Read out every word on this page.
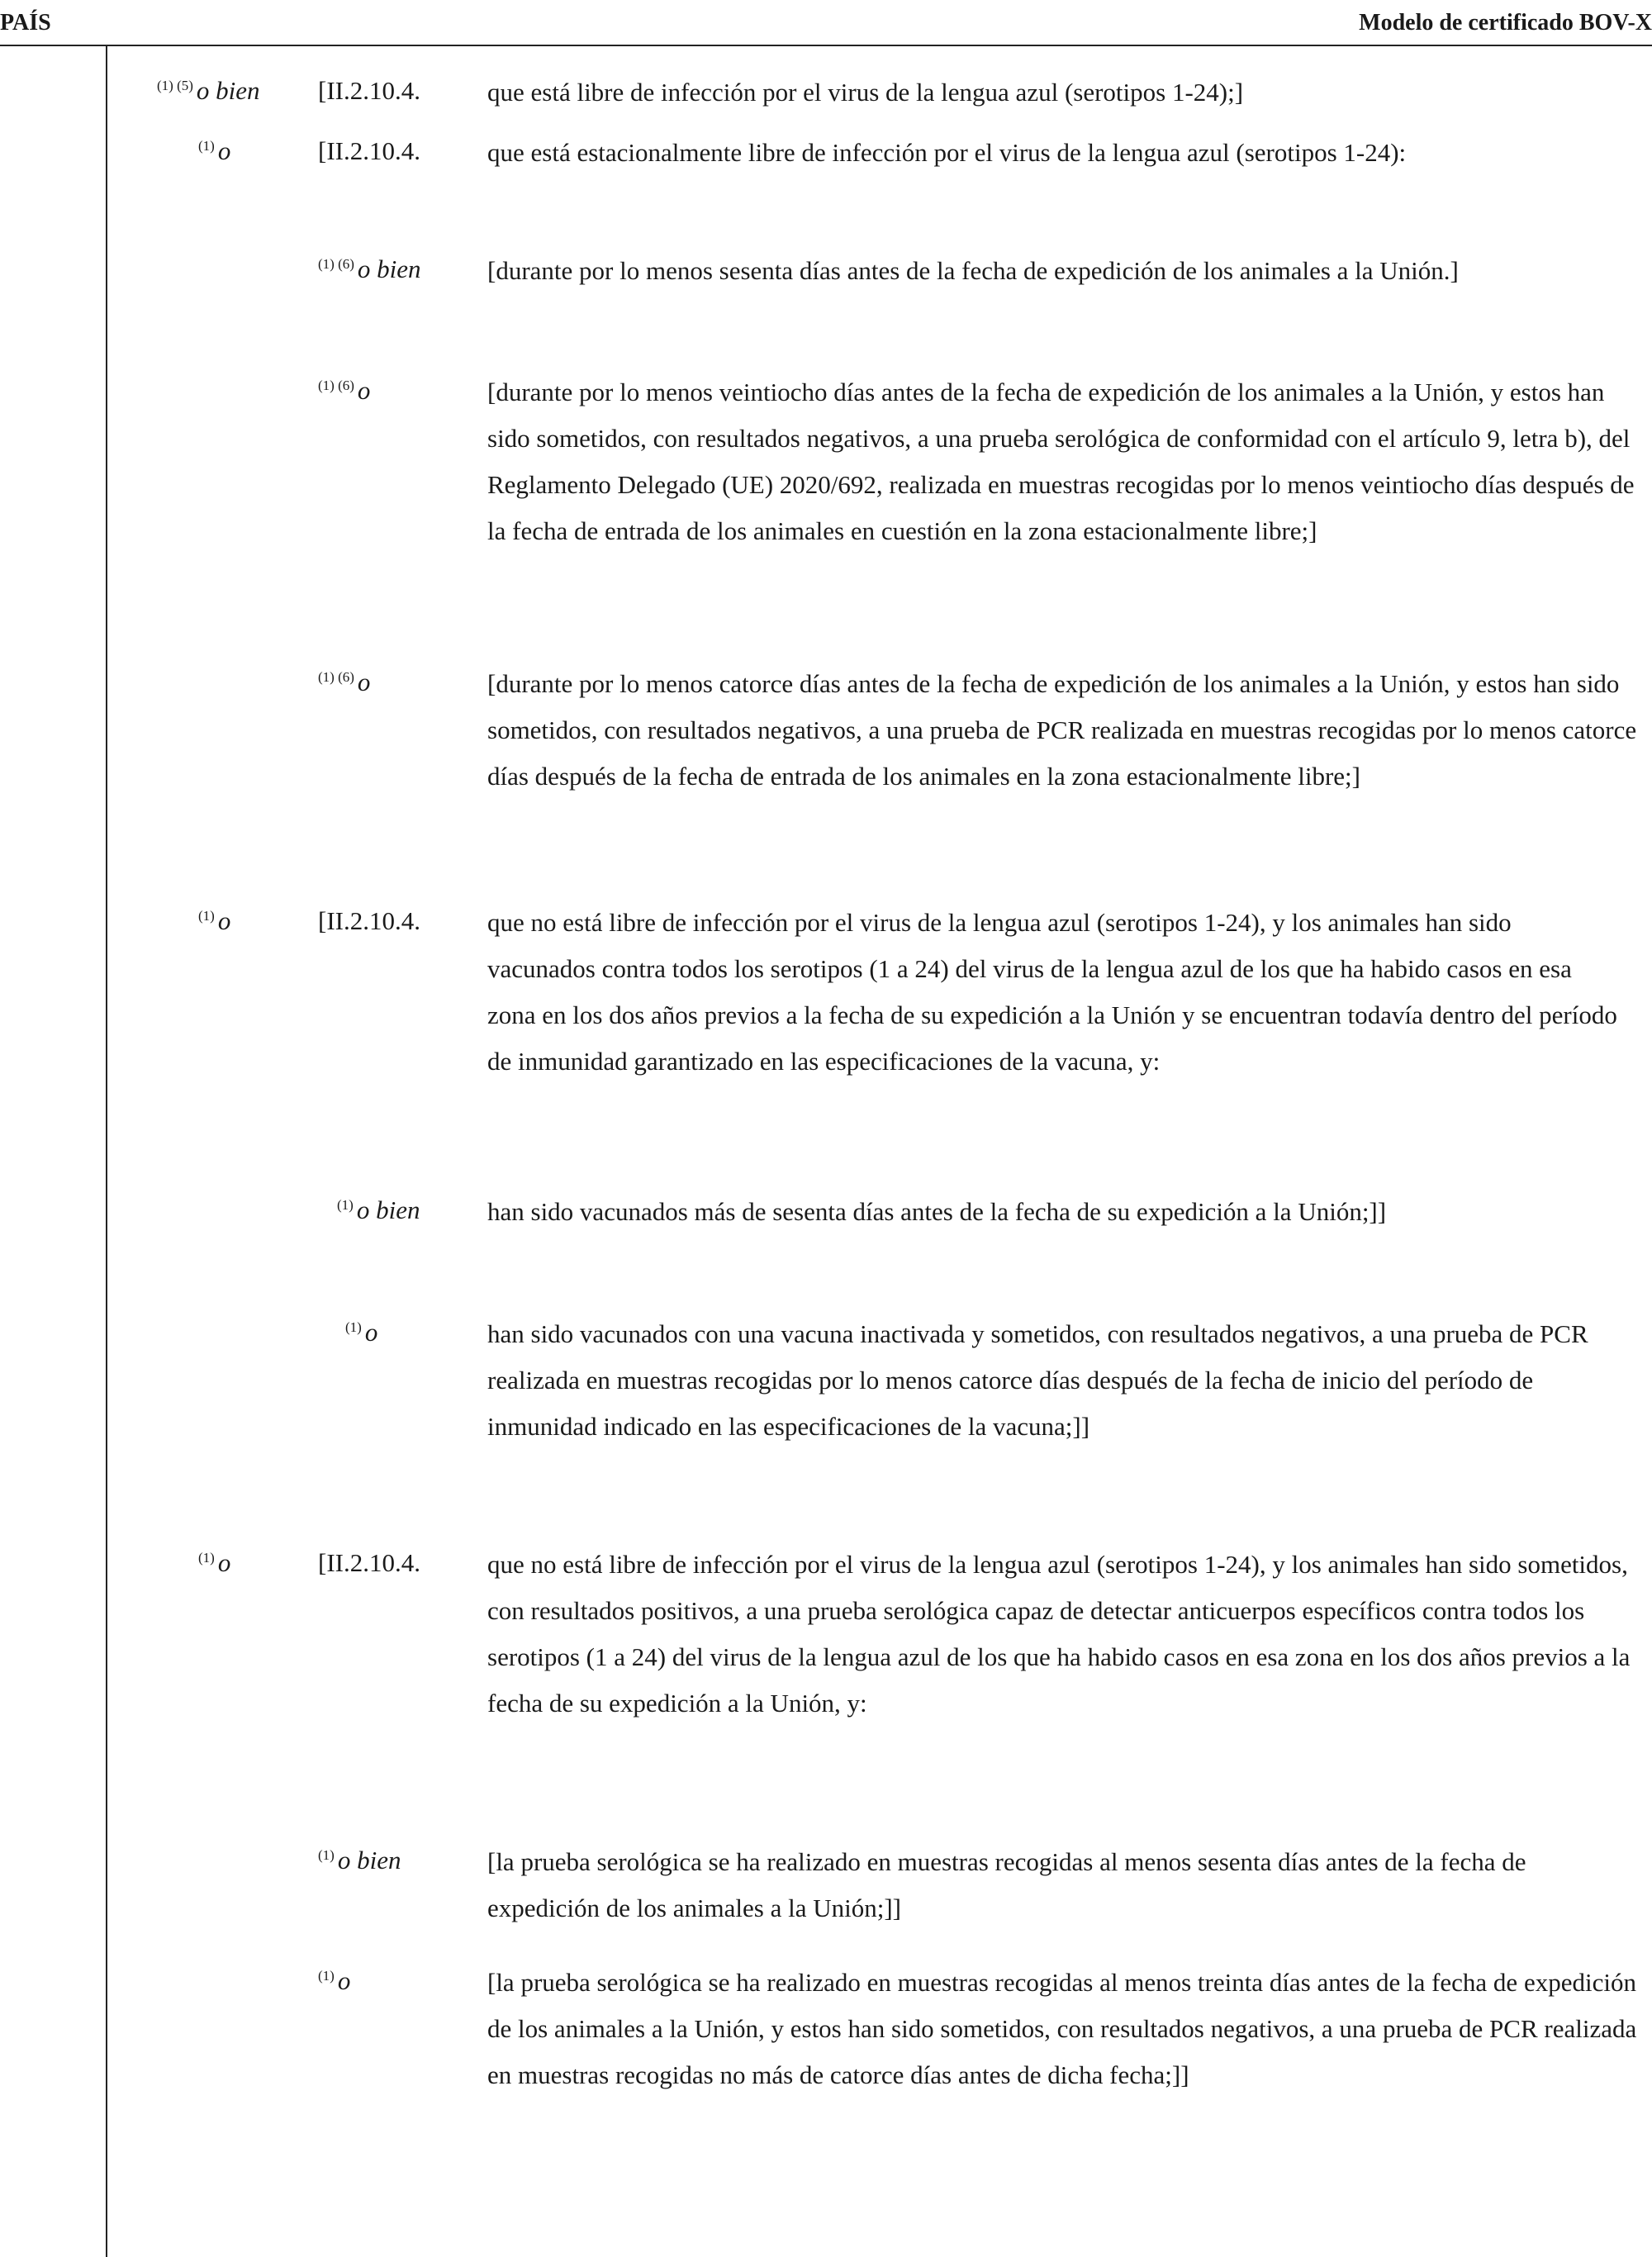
PAÍS	Modelo de certificado BOV-X
$^{(1) (5)}$ o bien [II.2.10.4.	que está libre de infección por el virus de la lengua azul (serotipos 1-24);]
$^{(1)}$ o	[II.2.10.4.	que está estacionalmente libre de infección por el virus de la lengua azul (serotipos 1-24):
$^{(1) (6)}$ o bien	[durante por lo menos sesenta días antes de la fecha de expedición de los animales a la Unión.]
$^{(1) (6)}$ o	[durante por lo menos veintiocho días antes de la fecha de expedición de los animales a la Unión, y estos han sido sometidos, con resultados negativos, a una prueba serológica de conformidad con el artículo 9, letra b), del Reglamento Delegado (UE) 2020/692, realizada en muestras recogidas por lo menos veintiocho días después de la fecha de entrada de los animales en cuestión en la zona estacionalmente libre;]
$^{(1) (6)}$ o	[durante por lo menos catorce días antes de la fecha de expedición de los animales a la Unión, y estos han sido sometidos, con resultados negativos, a una prueba de PCR realizada en muestras recogidas por lo menos catorce días después de la fecha de entrada de los animales en la zona estacionalmente libre;]
$^{(1)}$ o	[II.2.10.4.	que no está libre de infección por el virus de la lengua azul (serotipos 1-24), y los animales han sido vacunados contra todos los serotipos (1 a 24) del virus de la lengua azul de los que ha habido casos en esa zona en los dos años previos a la fecha de su expedición a la Unión y se encuentran todavía dentro del período de inmunidad garantizado en las especificaciones de la vacuna, y:
$^{(1)}$ o bien	han sido vacunados más de sesenta días antes de la fecha de su expedición a la Unión;]]
$^{(1)}$ o	han sido vacunados con una vacuna inactivada y sometidos, con resultados negativos, a una prueba de PCR realizada en muestras recogidas por lo menos catorce días después de la fecha de inicio del período de inmunidad indicado en las especificaciones de la vacuna;]]
$^{(1)}$ o	[II.2.10.4.	que no está libre de infección por el virus de la lengua azul (serotipos 1-24), y los animales han sido sometidos, con resultados positivos, a una prueba serológica capaz de detectar anticuerpos específicos contra todos los serotipos (1 a 24) del virus de la lengua azul de los que ha habido casos en esa zona en los dos años previos a la fecha de su expedición a la Unión, y:
$^{(1)}$ o bien	[la prueba serológica se ha realizado en muestras recogidas al menos sesenta días antes de la fecha de expedición de los animales a la Unión;]]
$^{(1)}$ o	[la prueba serológica se ha realizado en muestras recogidas al menos treinta días antes de la fecha de expedición de los animales a la Unión, y estos han sido sometidos, con resultados negativos, a una prueba de PCR realizada en muestras recogidas no más de catorce días antes de dicha fecha;]]
